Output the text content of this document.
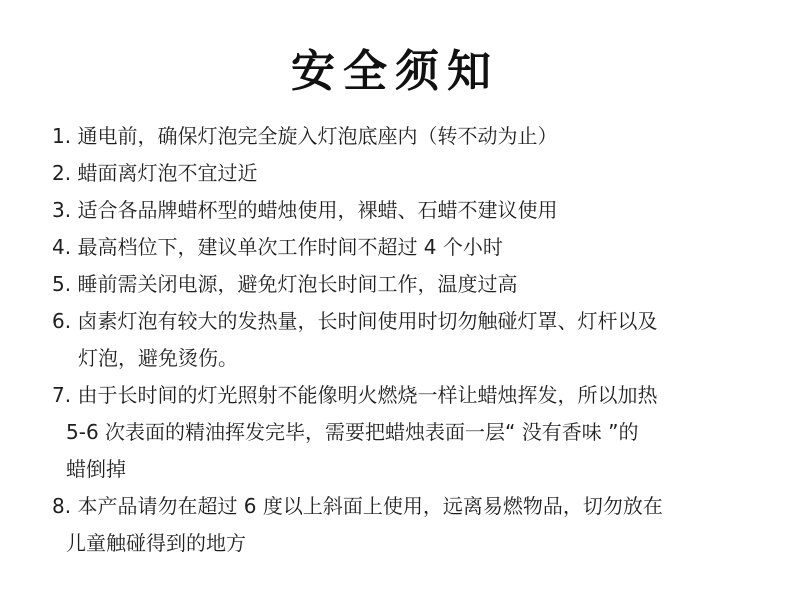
安全须知
1. 通电前，确保灯泡完全旋入灯泡底座内（转不动为止）
2. 蜡面离灯泡不宜过近
3. 适合各品牌蜡杯型的蜡烛使用，裸蜡、石蜡不建议使用
4. 最高档位下，建议单次工作时间不超过 4 个小时
5. 睡前需关闭电源，避免灯泡长时间工作，温度过高
6. 卤素灯泡有较大的发热量，长时间使用时切勿触碰灯罩、灯杆以及
灯泡，避免烫伤。
7. 由于长时间的灯光照射不能像明火燃烧一样让蜡烛挥发，所以加热
5-6 次表面的精油挥发完毕，需要把蜡烛表面一层“ 没有香味 ”的
蜡倒掉
8. 本产品请勿在超过 6 度以上斜面上使用，远离易燃物品，切勿放在
儿童触碰得到的地方
